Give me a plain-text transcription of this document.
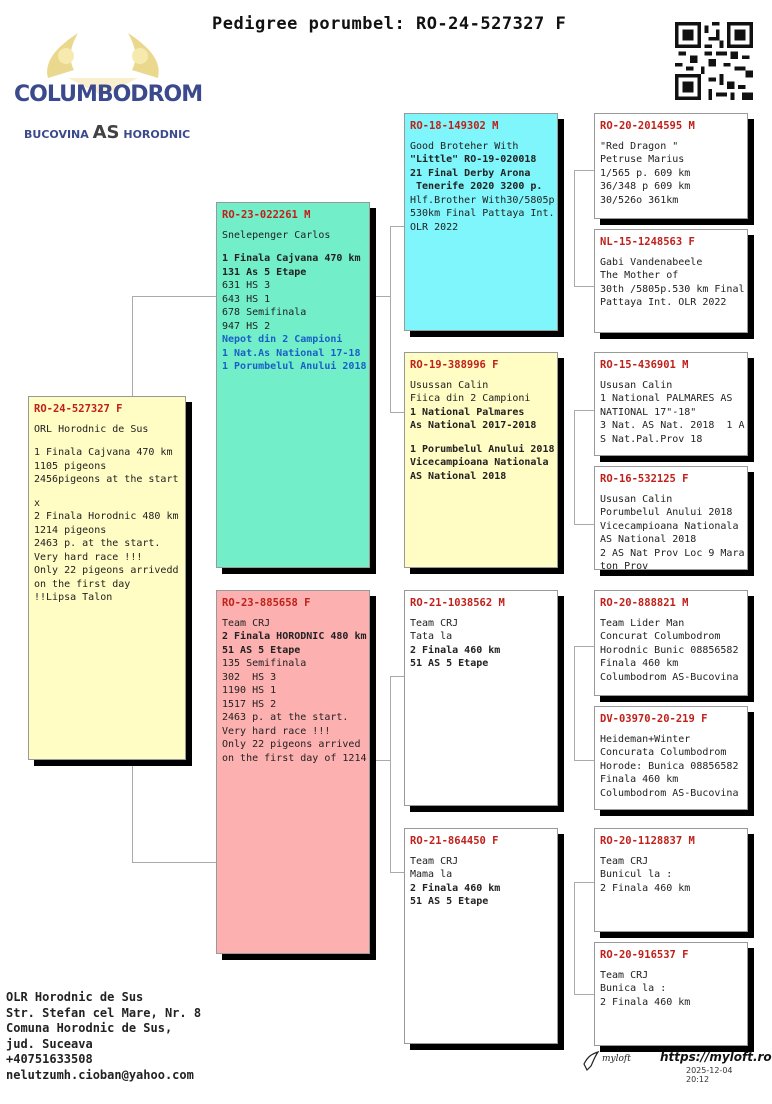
Pedigree porumbel: RO-24-527327 F
COLUMBODROM
BUCOVINA AS HORODNIC
RO-24-527327 F
ORL Horodnic de Sus
1 Finala Cajvana 470 km
1105 pigeons
2456pigeons at the start
x
2 Finala Horodnic 480 km
1214 pigeons
2463 p. at the start.
Very hard race !!!
Only 22 pigeons arrivedd
on the first day
!!Lipsa Talon
RO-23-022261 M
Snelepenger Carlos
1 Finala Cajvana 470 km
131 As 5 Etape
631 HS 3
643 HS 1
678 Semifinala
947 HS 2
Nepot din 2 Campioni
1 Nat.As National 17-18
1 Porumbelul Anului 2018
RO-23-885658 F
Team CRJ
2 Finala HORODNIC 480 km
51 AS 5 Etape
135 Semifinala
302  HS 3
1190 HS 1
1517 HS 2
2463 p. at the start.
Very hard race !!!
Only 22 pigeons arrived
on the first day of 1214
RO-18-149302 M
Good Broteher With
"Little" RO-19-020018
21 Final Derby Arona
Tenerife 2020 3200 p.
Hlf.Brother With30/5805p
530km Final Pattaya Int.
OLR 2022
RO-19-388996 F
Usussan Calin
Fiica din 2 Campioni
1 National Palmares
As National 2017-2018
1 Porumbelul Anului 2018
Vicecampioana Nationala
AS National 2018
RO-21-1038562 M
Team CRJ
Tata la
2 Finala 460 km
51 AS 5 Etape
RO-21-864450 F
Team CRJ
Mama la
2 Finala 460 km
51 AS 5 Etape
RO-20-2014595 M
"Red Dragon "
Petruse Marius
1/565 p. 609 km
36/348 p 609 km
30/526o 361km
NL-15-1248563 F
Gabi Vandenabeele
The Mother of
30th /5805p.530 km Final
Pattaya Int. OLR 2022
RO-15-436901 M
Ususan Calin
1 National PALMARES AS
NATIONAL 17"-18"
3 Nat. AS Nat. 2018  1 A
S Nat.Pal.Prov 18
RO-16-532125 F
Ususan Calin
Porumbelul Anului 2018
Vicecampioana Nationala
AS National 2018
2 AS Nat Prov Loc 9 Mara
ton Prov
RO-20-888821 M
Team Lider Man
Concurat Columbodrom
Horodnic Bunic 08856582
Finala 460 km
Columbodrom AS-Bucovina
DV-03970-20-219 F
Heideman+Winter
Concurata Columbodrom
Horode: Bunica 08856582
Finala 460 km
Columbodrom AS-Bucovina
RO-20-1128837 M
Team CRJ
Bunicul la :
2 Finala 460 km
RO-20-916537 F
Team CRJ
Bunica la :
2 Finala 460 km
OLR Horodnic de Sus
Str. Stefan cel Mare, Nr. 8
Comuna Horodnic de Sus,
jud. Suceava
+40751633508
nelutzumh.cioban@yahoo.com
myloft https://myloft.ro
2025-12-04 20:12
